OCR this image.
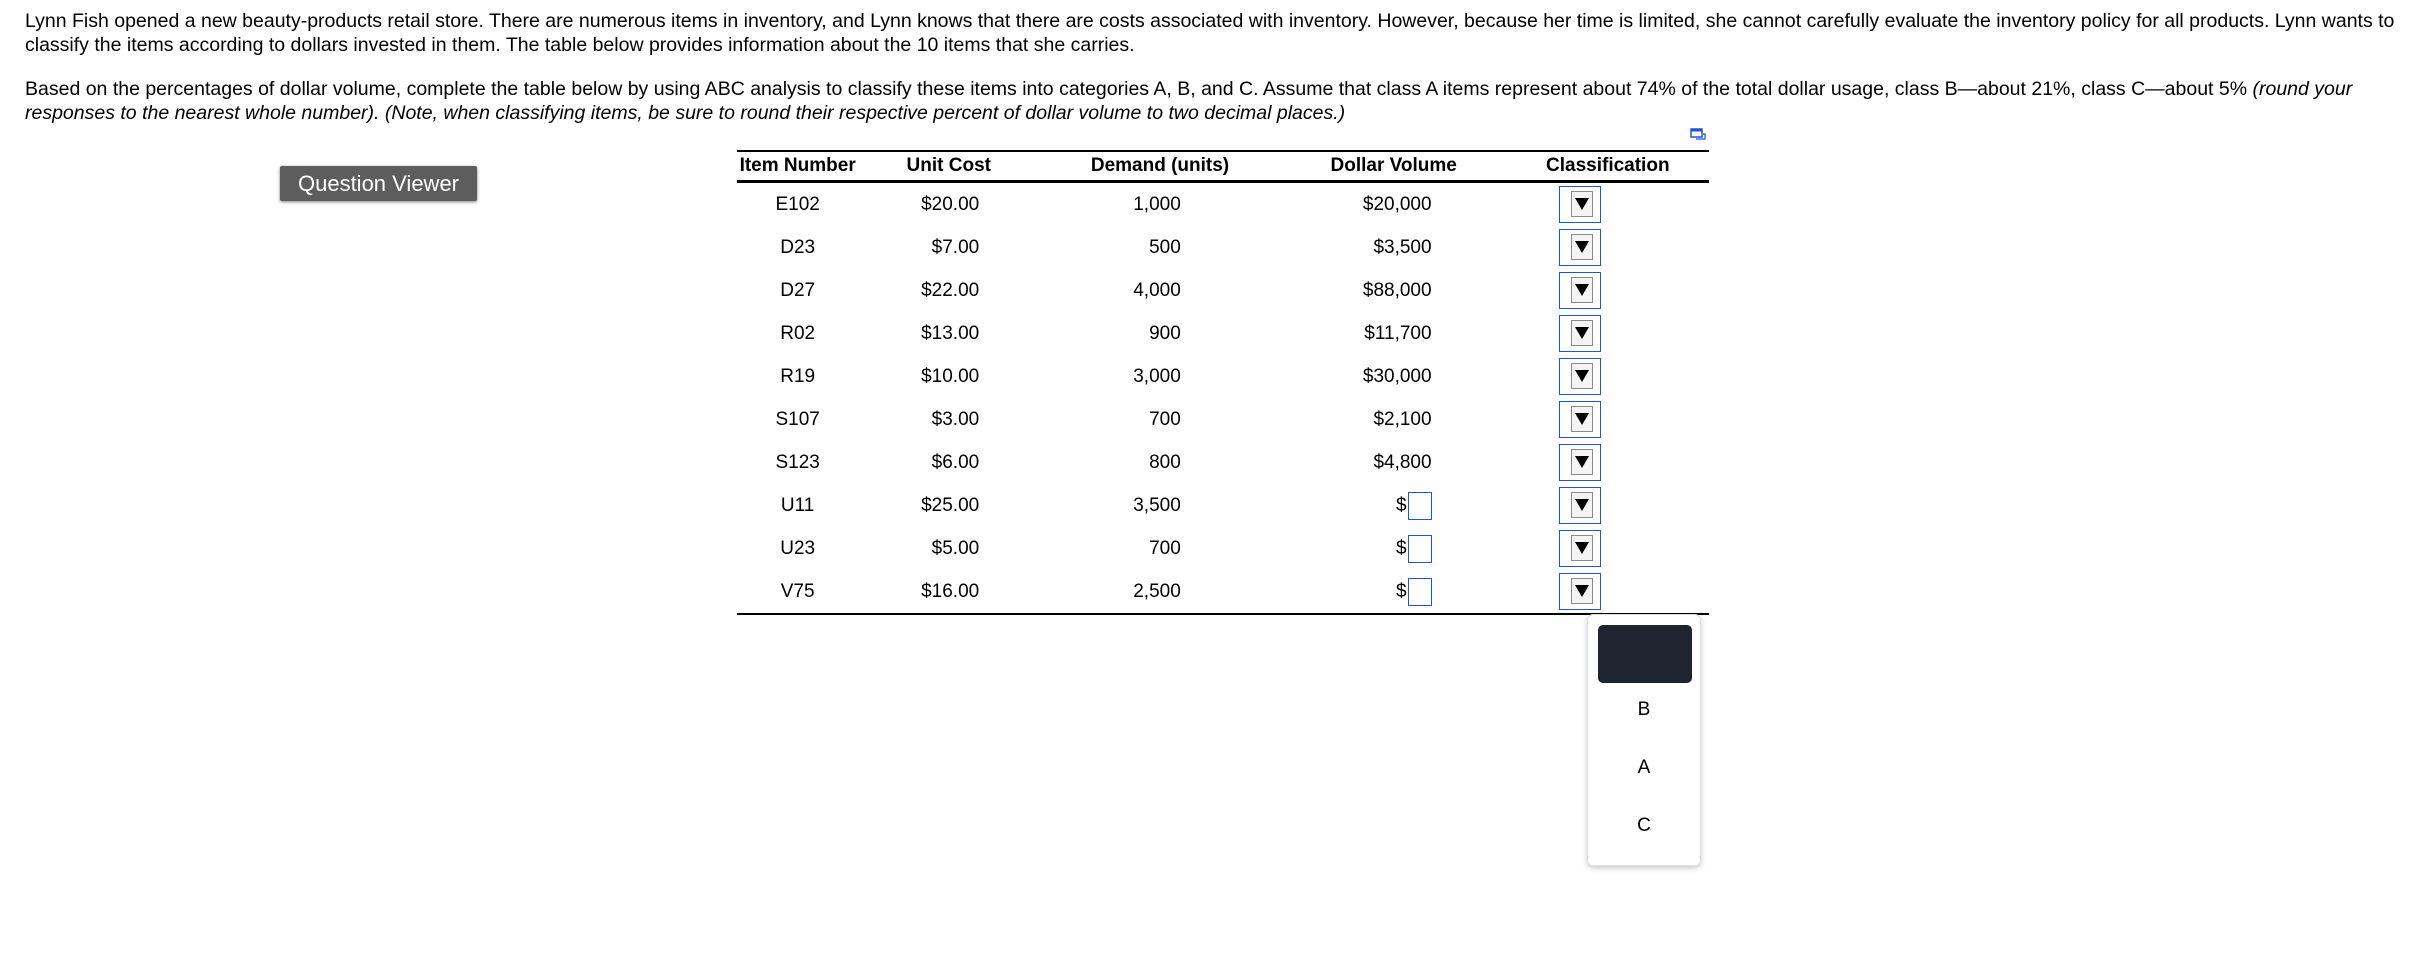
Lynn Fish opened a new beauty-products retail store. There are numerous items in inventory, and Lynn knows that there are costs associated with inventory. However, because her time is limited, she cannot carefully evaluate the inventory policy for all products. Lynn wants to classify the items according to dollars invested in them. The table below provides information about the 10 items that she carries.

Based on the percentages of dollar volume, complete the table below by using ABC analysis to classify these items into categories A, B, and C. Assume that class A items represent about 74% of the total dollar usage, class B—about 21%, class C—about 5% (round your responses to the nearest whole number). (Note, when classifying items, be sure to round their respective percent of dollar volume to two decimal places.)

Question Viewer
Item Number	Unit Cost	Demand (units)	Dollar Volume	Classification
E102	$20.00	1,000	$20,000	

D23	$7.00	500	$3,500	

D27	$22.00	4,000	$88,000	

R02	$13.00	900	$11,700	

R19	$10.00	3,000	$30,000	

S107	$3.00	700	$2,100	

S123	$6.00	800	$4,800	

U11	$25.00	3,500	$	

U23	$5.00	700	$	

V75	$16.00	2,500	$	

B
A
C
